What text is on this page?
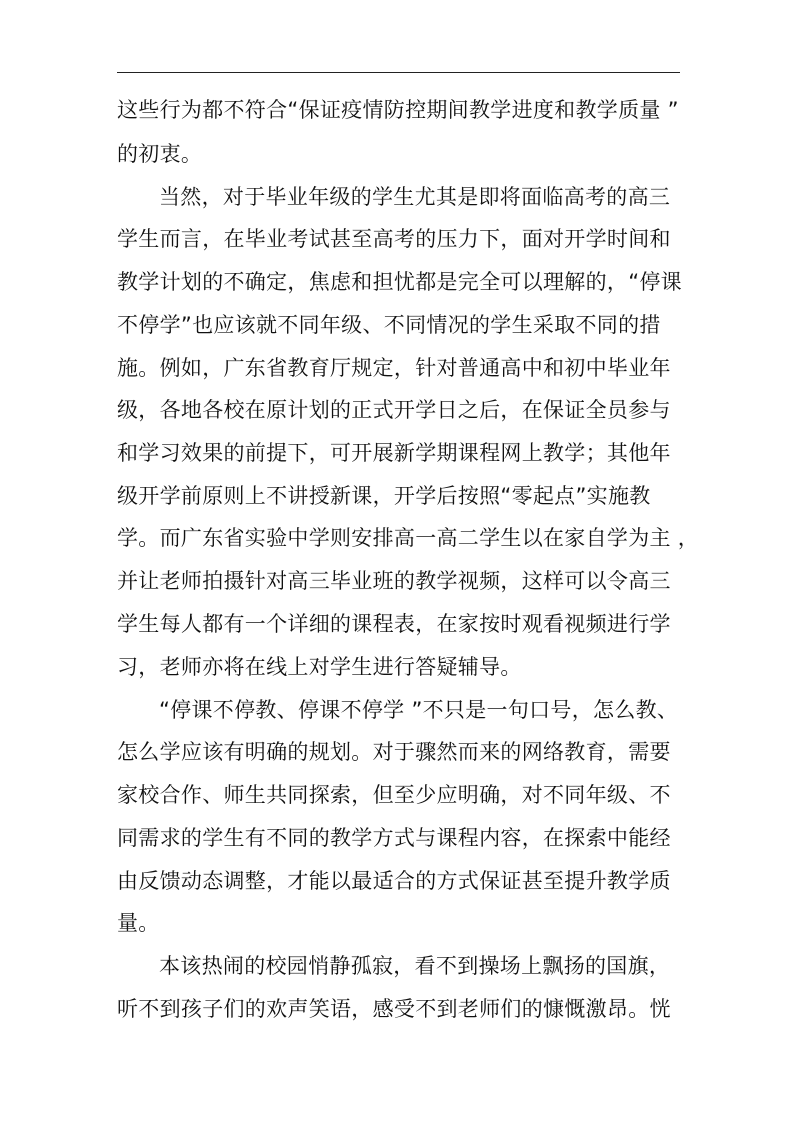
这些行为都不符合“保证疫情防控期间教学进度和教学质量 ”
的初衷。
当然，对于毕业年级的学生尤其是即将面临高考的高三
学生而言，在毕业考试甚至高考的压力下，面对开学时间和
教学计划的不确定，焦虑和担忧都是完全可以理解的，“停课
不停学”也应该就不同年级、不同情况的学生采取不同的措
施。例如，广东省教育厅规定，针对普通高中和初中毕业年
级，各地各校在原计划的正式开学日之后，在保证全员参与
和学习效果的前提下，可开展新学期课程网上教学；其他年
级开学前原则上不讲授新课，开学后按照“零起点”实施教
学。而广东省实验中学则安排高一高二学生以在家自学为主 ，
并让老师拍摄针对高三毕业班的教学视频，这样可以令高三
学生每人都有一个详细的课程表，在家按时观看视频进行学
习，老师亦将在线上对学生进行答疑辅导。
“停课不停教、停课不停学 ”不只是一句口号，怎么教、
怎么学应该有明确的规划。对于骤然而来的网络教育，需要
家校合作、师生共同探索，但至少应明确，对不同年级、不
同需求的学生有不同的教学方式与课程内容，在探索中能经
由反馈动态调整，才能以最适合的方式保证甚至提升教学质
量。
本该热闹的校园悄静孤寂，看不到操场上飘扬的国旗，
听不到孩子们的欢声笑语，感受不到老师们的慷慨激昂。恍
